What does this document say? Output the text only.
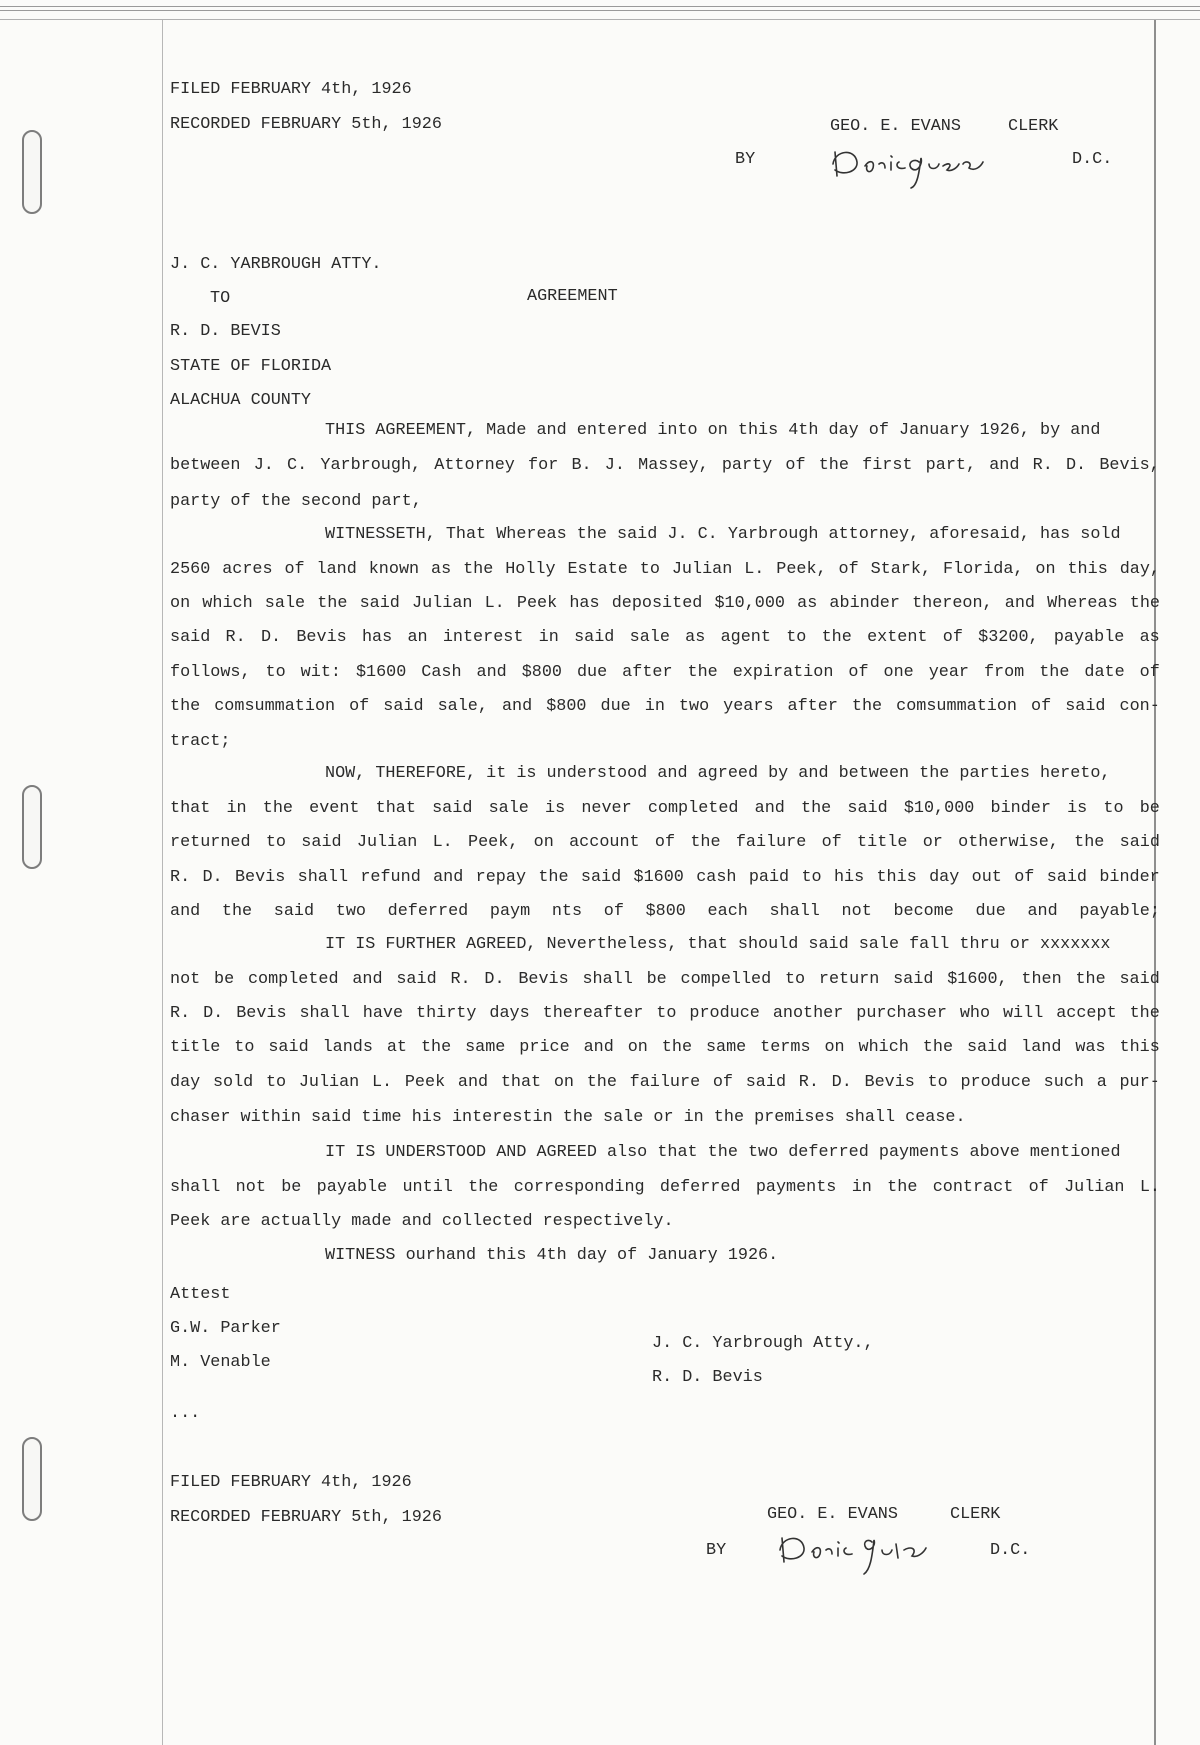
FILED FEBRUARY 4th, 1926
RECORDED FEBRUARY 5th, 1926	GEO. E. EVANS	CLERK
BY	D.C.
J. C. YARBROUGH ATTY.
TO	AGREEMENT
R. D. BEVIS
STATE OF FLORIDA
ALACHUA COUNTY
THIS AGREEMENT, Made and entered into on this 4th day of January 1926, by and
between J. C. Yarbrough, Attorney for B. J. Massey, party of the first part, and R. D. Bevis,
party of the second part,
WITNESSETH, That Whereas the said J. C. Yarbrough attorney, aforesaid, has sold
2560 acres of land known as the Holly Estate to Julian L. Peek, of Stark, Florida, on this day,
on which sale the said Julian L. Peek has deposited $10,000 as abinder thereon, and Whereas the
said R. D. Bevis has an interest in said sale as agent to the extent of $3200, payable as
follows, to wit: $1600 Cash and $800 due after the expiration of one year from the date of
the comsummation of said sale, and $800 due in two years after the comsummation of said con-
tract;
NOW, THEREFORE, it is understood and agreed by and between the parties hereto,
that in the event that said sale is never completed and the said $10,000 binder is to be
returned to said Julian L. Peek, on account of the failure of title or otherwise, the said
R. D. Bevis shall refund and repay the said $1600 cash paid to his this day out of said binder
and the said two deferred paym nts of $800 each shall not become due and payable;
IT IS FURTHER AGREED, Nevertheless, that should said sale fall thru or xxxxxxx
not be completed and said R. D. Bevis shall be compelled to return said $1600, then the said
R. D. Bevis shall have thirty days thereafter to produce another purchaser who will accept the
title to said lands at the same price and on the same terms on which the said land was this
day sold to Julian L. Peek and that on the failure of said R. D. Bevis to produce such a pur-
chaser within said time his interestin the sale or in the premises shall cease.
IT IS UNDERSTOOD AND AGREED also that the two deferred payments above mentioned
shall not be payable until the corresponding deferred payments in the contract of Julian L.
Peek are actually made and collected respectively.
WITNESS ourhand this 4th day of January 1926.
Attest
G.W. Parker
M. Venable
J. C. Yarbrough Atty.,
R. D. Bevis
...
FILED FEBRUARY 4th, 1926
RECORDED FEBRUARY 5th, 1926	GEO. E. EVANS	CLERK
BY	D.C.
